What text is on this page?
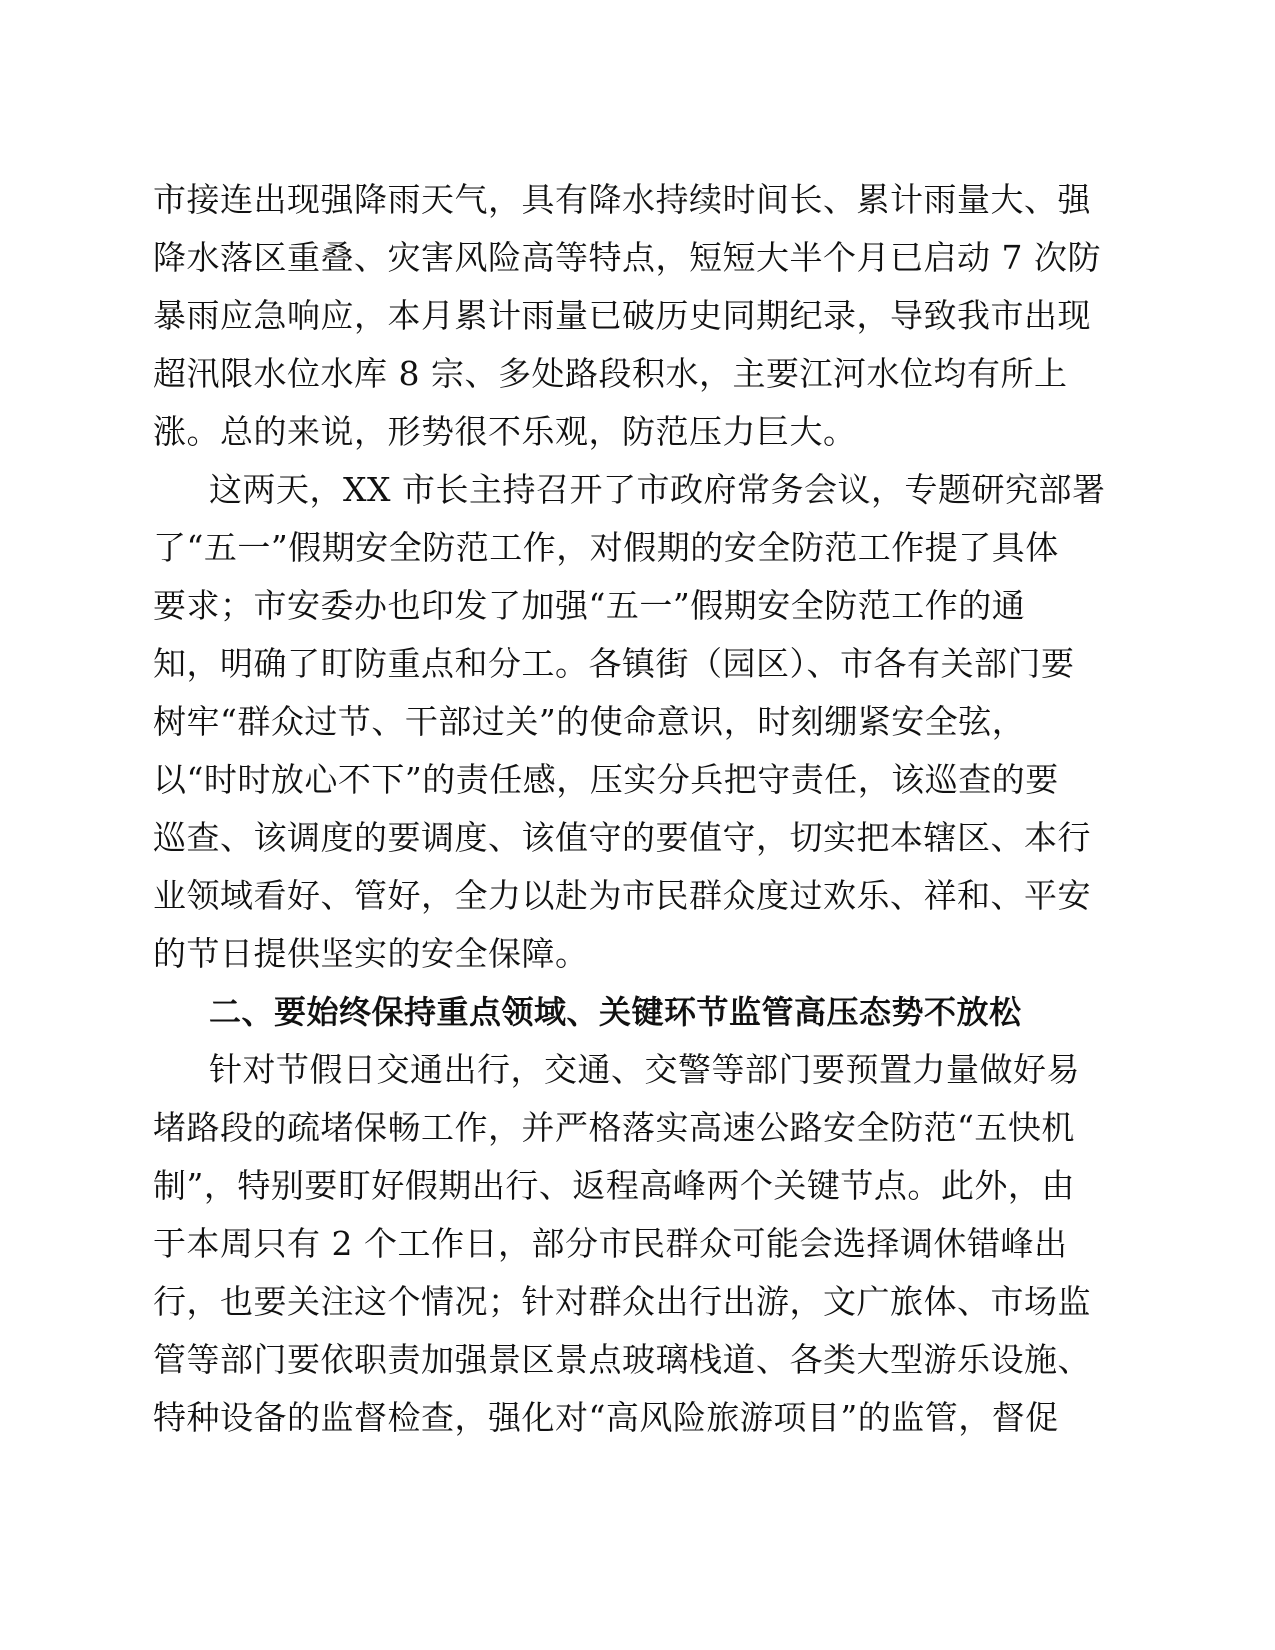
市接连出现强降雨天气，具有降水持续时间长、累计雨量大、强
降水落区重叠、灾害风险高等特点，短短大半个月已启动 7 次防
暴雨应急响应，本月累计雨量已破历史同期纪录，导致我市出现
超汛限水位水库 8 宗、多处路段积水，主要江河水位均有所上
涨。总的来说，形势很不乐观，防范压力巨大。
这两天，XX 市长主持召开了市政府常务会议，专题研究部署
了“五一”假期安全防范工作，对假期的安全防范工作提了具体
要求；市安委办也印发了加强“五一”假期安全防范工作的通
知，明确了盯防重点和分工。各镇街（园区）、市各有关部门要
树牢“群众过节、干部过关”的使命意识，时刻绷紧安全弦，
以“时时放心不下”的责任感，压实分兵把守责任，该巡查的要
巡查、该调度的要调度、该值守的要值守，切实把本辖区、本行
业领域看好、管好，全力以赴为市民群众度过欢乐、祥和、平安
的节日提供坚实的安全保障。
二、要始终保持重点领域、关键环节监管高压态势不放松
针对节假日交通出行，交通、交警等部门要预置力量做好易
堵路段的疏堵保畅工作，并严格落实高速公路安全防范“五快机
制”，特别要盯好假期出行、返程高峰两个关键节点。此外，由
于本周只有 2 个工作日，部分市民群众可能会选择调休错峰出
行，也要关注这个情况；针对群众出行出游，文广旅体、市场监
管等部门要依职责加强景区景点玻璃栈道、各类大型游乐设施、
特种设备的监督检查，强化对“高风险旅游项目”的监管，督促
